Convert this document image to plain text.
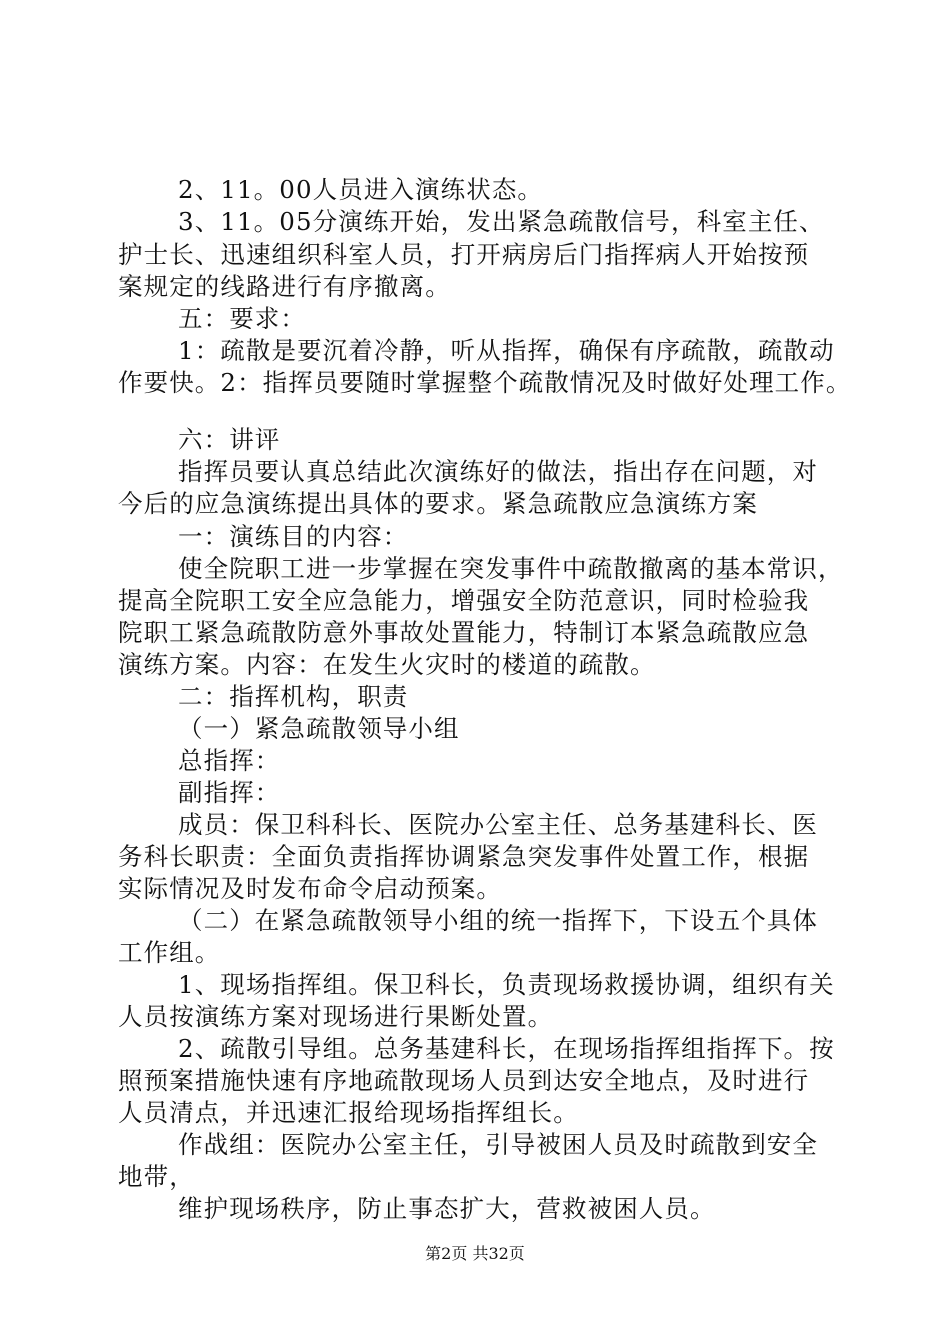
2、11。00人员进入演练状态。
3、11。05分演练开始，发出紧急疏散信号，科室主任、
护士长、迅速组织科室人员，打开病房后门指挥病人开始按预
案规定的线路进行有序撤离。
五：要求：
1：疏散是要沉着冷静，听从指挥，确保有序疏散，疏散动
作要快。2：指挥员要随时掌握整个疏散情况及时做好处理工作。
六：讲评
指挥员要认真总结此次演练好的做法，指出存在问题，对
今后的应急演练提出具体的要求。紧急疏散应急演练方案
一：演练目的内容：
使全院职工进一步掌握在突发事件中疏散撤离的基本常识，
提高全院职工安全应急能力，增强安全防范意识，同时检验我
院职工紧急疏散防意外事故处置能力，特制订本紧急疏散应急
演练方案。内容：在发生火灾时的楼道的疏散。
二：指挥机构，职责
（一）紧急疏散领导小组
总指挥：
副指挥：
成员：保卫科科长、医院办公室主任、总务基建科长、医
务科长职责：全面负责指挥协调紧急突发事件处置工作，根据
实际情况及时发布命令启动预案。
（二）在紧急疏散领导小组的统一指挥下，下设五个具体
工作组。
1、现场指挥组。保卫科长，负责现场救援协调，组织有关
人员按演练方案对现场进行果断处置。
2、疏散引导组。总务基建科长，在现场指挥组指挥下。按
照预案措施快速有序地疏散现场人员到达安全地点，及时进行
人员清点，并迅速汇报给现场指挥组长。
作战组：医院办公室主任，引导被困人员及时疏散到安全
地带，
维护现场秩序，防止事态扩大，营救被困人员。
第2页 共32页
